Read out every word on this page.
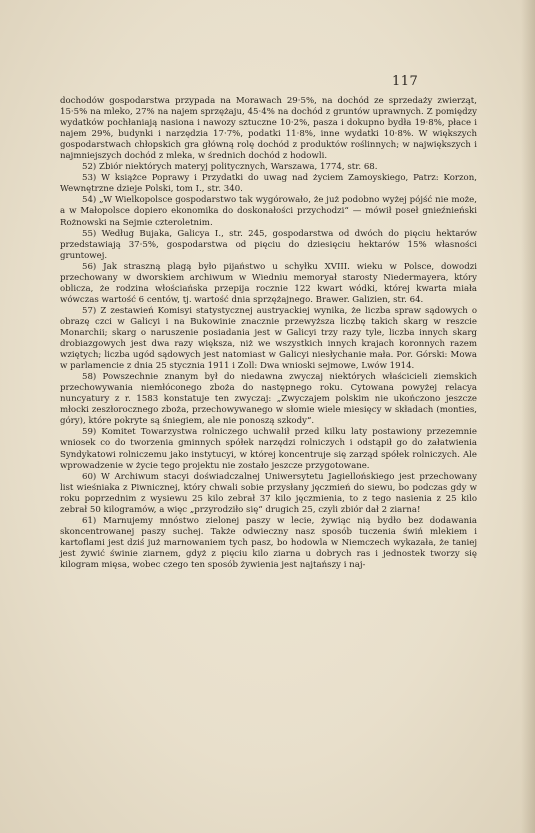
117

dochodów gospodarstwa przypada na Morawach 29·5%, na dochód ze sprzedaży zwierząt, 15·5% na mleko, 27% na najem sprzężaju, 45·4% na dochód z gruntów uprawnych. Z pomiędzy wydatków pochłaniają nasiona i nawozy sztuczne 10·2%, pasza i dokupno bydła 19·8%, płace i najem 29%, budynki i narzędzia 17·7%, podatki 11·8%, inne wydatki 10·8%. W większych gospodarstwach chłopskich gra główną rolę dochód z produktów roślinnych; w największych i najmniejszych dochód z mleka, w średnich dochód z hodowli.

52) Zbiór niektórych materyj politycznych, Warszawa, 1774, str. 68.

53) W książce Poprawy i Przydatki do uwag nad życiem Zamoyskiego, Patrz: Korzon, Wewnętrzne dzieje Polski, tom I., str. 340.

54) „W Wielkopolsce gospodarstwo tak wygórowało, że już podobno wyżej pójść nie może, a w Małopolsce dopiero ekonomika do doskonałości przychodzi“ — mówił poseł gnieźnieński Rożnowski na Sejmie czteroletnim.

55) Według Bujaka, Galicya I., str. 245, gospodarstwa od dwóch do pięciu hektarów przedstawiają 37·5%, gospodarstwa od pięciu do dziesięciu hektarów 15% własności gruntowej.

56) Jak straszną plagą było pijaństwo u schyłku XVIII. wieku w Polsce, dowodzi przechowany w dworskiem archiwum w Wiedniu memoryał starosty Niedermayera, który oblicza, że rodzina włościańska przepija rocznie 122 kwart wódki, której kwarta miała wówczas wartość 6 centów, tj. wartość dnia sprzężajnego. Brawer. Galizien, str. 64.

57) Z zestawień Komisyi statystycznej austryackiej wynika, że liczba spraw sądowych o obrazę czci w Galicyi i na Bukowinie znacznie przewyższa liczbę takich skarg w reszcie Monarchii; skarg o naruszenie posiadania jest w Galicyi trzy razy tyle, liczba innych skarg drobiazgowych jest dwa razy większa, niż we wszystkich innych krajach koronnych razem wziętych; liczba ugód sądowych jest natomiast w Galicyi niesłychanie mała. Por. Górski: Mowa w parlamencie z dnia 25 stycznia 1911 i Zoll: Dwa wnioski sejmowe, Lwów 1914.

58) Powszechnie znanym był do niedawna zwyczaj niektórych właścicieli ziemskich przechowywania niemłóconego zboża do następnego roku. Cytowana powyżej relacya nuncyatury z r. 1583 konstatuje ten zwyczaj: „Zwyczajem polskim nie ukończono jeszcze młocki zeszłorocznego zboża, przechowywanego w słomie wiele miesięcy w składach (monties, góry), które pokryte są śniegiem, ale nie ponoszą szkody“.

59) Komitet Towarzystwa rolniczego uchwalił przed kilku laty postawiony przezemnie wniosek co do tworzenia gminnych spółek narzędzi rolniczych i odstąpił go do załatwienia Syndykatowi rolniczemu jako instytucyi, w której koncentruje się zarząd spółek rolniczych. Ale wprowadzenie w życie tego projektu nie zostało jeszcze przygotowane.

60) W Archiwum stacyi doświadczalnej Uniwersytetu Jagiellońskiego jest przechowany list wieśniaka z Piwnicznej, który chwali sobie przysłany jęczmień do siewu, bo podczas gdy w roku poprzednim z wysiewu 25 kilo zebrał 37 kilo jęczmienia, to z tego nasienia z 25 kilo zebrał 50 kilogramów, a więc „przyrodziło się“ drugich 25, czyli zbiór dał 2 ziarna!

61) Marnujemy mnóstwo zielonej paszy w lecie, żywiąc nią bydło bez dodawania skoncentrowanej paszy suchej. Także odwieczny nasz sposób tuczenia świń mlekiem i kartoflami jest dziś już marnowaniem tych pasz, bo hodowla w Niemczech wykazała, że taniej jest żywić świnie ziarnem, gdyż z pięciu kilo ziarna u dobrych ras i jednostek tworzy się kilogram mięsa, wobec czego ten sposób żywienia jest najtańszy i naj-
